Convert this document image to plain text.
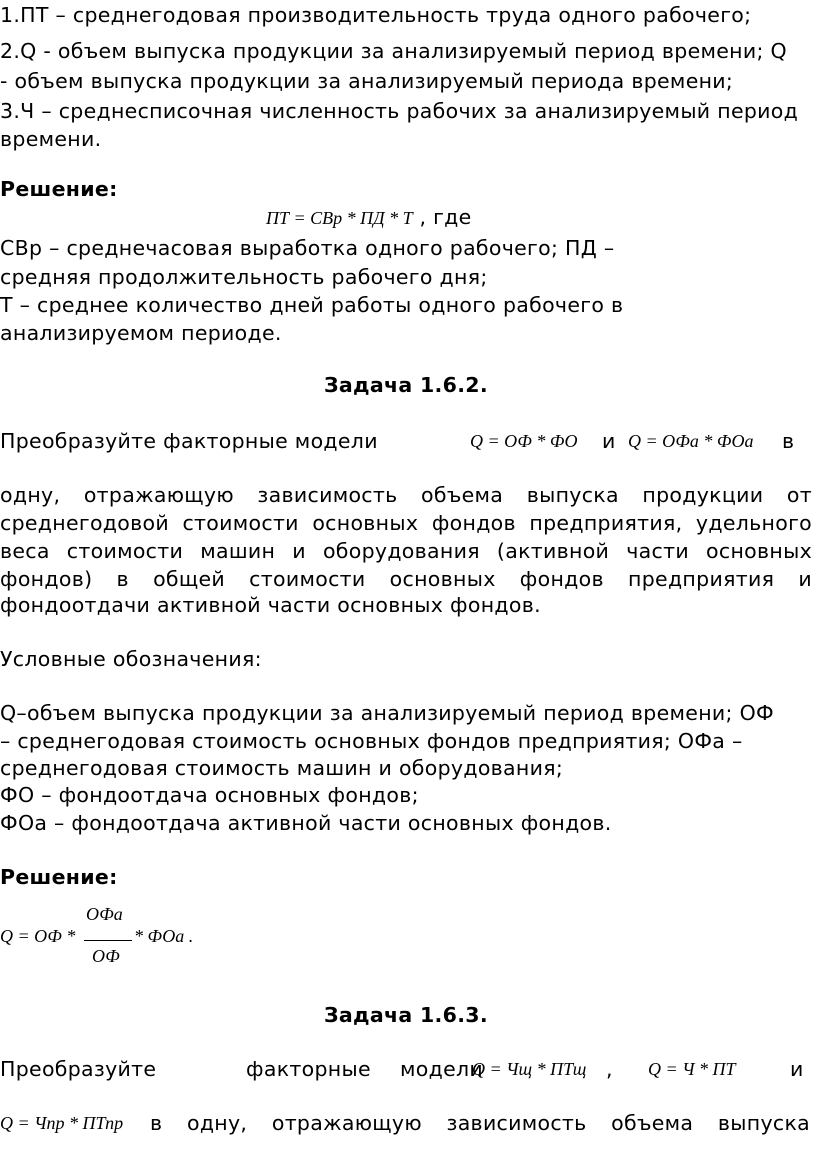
1.ПТ – среднегодовая производительность труда одного рабочего;
2.Q - объем выпуска продукции за анализируемый период времени; Q
- объем выпуска продукции за анализируемый периода времени;
3.Ч – среднесписочная численность рабочих за анализируемый период
времени.
Решение:
ПТ = СВр * ПД * Т , где
СВр – среднечасовая выработка одного рабочего; ПД –
средняя продолжительность рабочего дня;
Т – среднее количество дней работы одного рабочего в
анализируемом периоде.
Задача 1.6.2.
Преобразуйте факторные модели	Q = ОФ * ФО и Q = ОФа * ФОа в
одну, отражающую зависимость объема выпуска продукции от
среднегодовой стоимости основных фондов предприятия, удельного
веса стоимости машин и оборудования (активной части основных
фондов) в общей стоимости основных фондов предприятия и
фондоотдачи активной части основных фондов.
Условные обозначения:
Q–объем выпуска продукции за анализируемый период времени; ОФ
– среднегодовая стоимость основных фондов предприятия; ОФа –
среднегодовая стоимость машин и оборудования;
ФО – фондоотдача основных фондов;
ФОа – фондоотдача активной части основных фондов.
Решение:
Q = ОФ *
ОФа
ОФ
* ФОа .
Задача 1.6.3.
Преобразуйте	факторные модели
Q = Чщ * ПТщ , Q = Ч * ПТ	и
Q = Чпр * ПТпр в одну, отражающую зависимость объема выпуска
